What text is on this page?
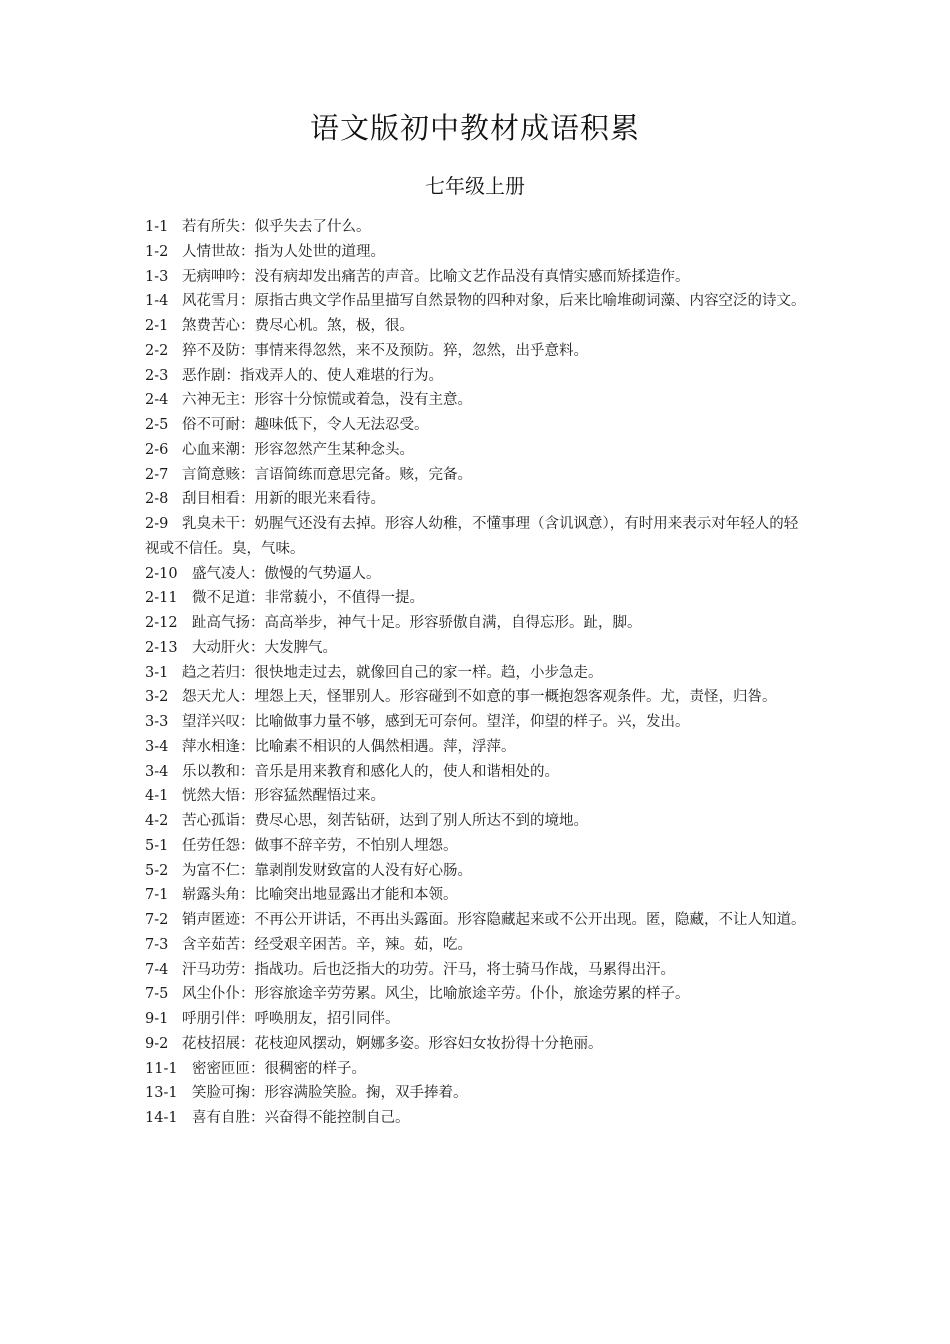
语文版初中教材成语积累
七年级上册

1-1 若有所失：似乎失去了什么。

1-2 人情世故：指为人处世的道理。

1-3 无病呻吟：没有病却发出痛苦的声音。比喻文艺作品没有真情实感而矫揉造作。

1-4 风花雪月：原指古典文学作品里描写自然景物的四种对象，后来比喻堆砌词藻、内容空泛的诗文。

2-1 煞费苦心：费尽心机。煞，极，很。

2-2 猝不及防：事情来得忽然，来不及预防。猝，忽然，出乎意料。

2-3 恶作剧：指戏弄人的、使人难堪的行为。

2-4 六神无主：形容十分惊慌或着急，没有主意。

2-5 俗不可耐：趣味低下，令人无法忍受。

2-6 心血来潮：形容忽然产生某种念头。

2-7 言简意赅：言语简练而意思完备。赅，完备。

2-8 刮目相看：用新的眼光来看待。

2-9 乳臭未干：奶腥气还没有去掉。形容人幼稚，不懂事理（含讥讽意），有时用来表示对年轻人的轻视或不信任。臭，气味。

2-10 盛气凌人：傲慢的气势逼人。

2-11 微不足道：非常藐小，不值得一提。

2-12 趾高气扬：高高举步，神气十足。形容骄傲自满，自得忘形。趾，脚。

2-13 大动肝火：大发脾气。

3-1 趋之若归：很快地走过去，就像回自己的家一样。趋，小步急走。

3-2 怨天尤人：埋怨上天，怪罪别人。形容碰到不如意的事一概抱怨客观条件。尤，责怪，归咎。

3-3 望洋兴叹：比喻做事力量不够，感到无可奈何。望洋，仰望的样子。兴，发出。

3-4 萍水相逢：比喻素不相识的人偶然相遇。萍，浮萍。

3-4 乐以教和：音乐是用来教育和感化人的，使人和谐相处的。

4-1 恍然大悟：形容猛然醒悟过来。

4-2 苦心孤诣：费尽心思，刻苦钻研，达到了别人所达不到的境地。

5-1 任劳任怨：做事不辞辛劳，不怕别人埋怨。

5-2 为富不仁：靠剥削发财致富的人没有好心肠。

7-1 崭露头角：比喻突出地显露出才能和本领。

7-2 销声匿迹：不再公开讲话，不再出头露面。形容隐藏起来或不公开出现。匿，隐藏，不让人知道。

7-3 含辛茹苦：经受艰辛困苦。辛，辣。茹，吃。

7-4 汗马功劳：指战功。后也泛指大的功劳。汗马，将士骑马作战，马累得出汗。

7-5 风尘仆仆：形容旅途辛劳劳累。风尘，比喻旅途辛劳。仆仆，旅途劳累的样子。

9-1 呼朋引伴：呼唤朋友，招引同伴。

9-2 花枝招展：花枝迎风摆动，婀娜多姿。形容妇女妆扮得十分艳丽。

11-1 密密匝匝：很稠密的样子。

13-1 笑脸可掬：形容满脸笑脸。掬，双手捧着。

14-1 喜有自胜：兴奋得不能控制自己。
